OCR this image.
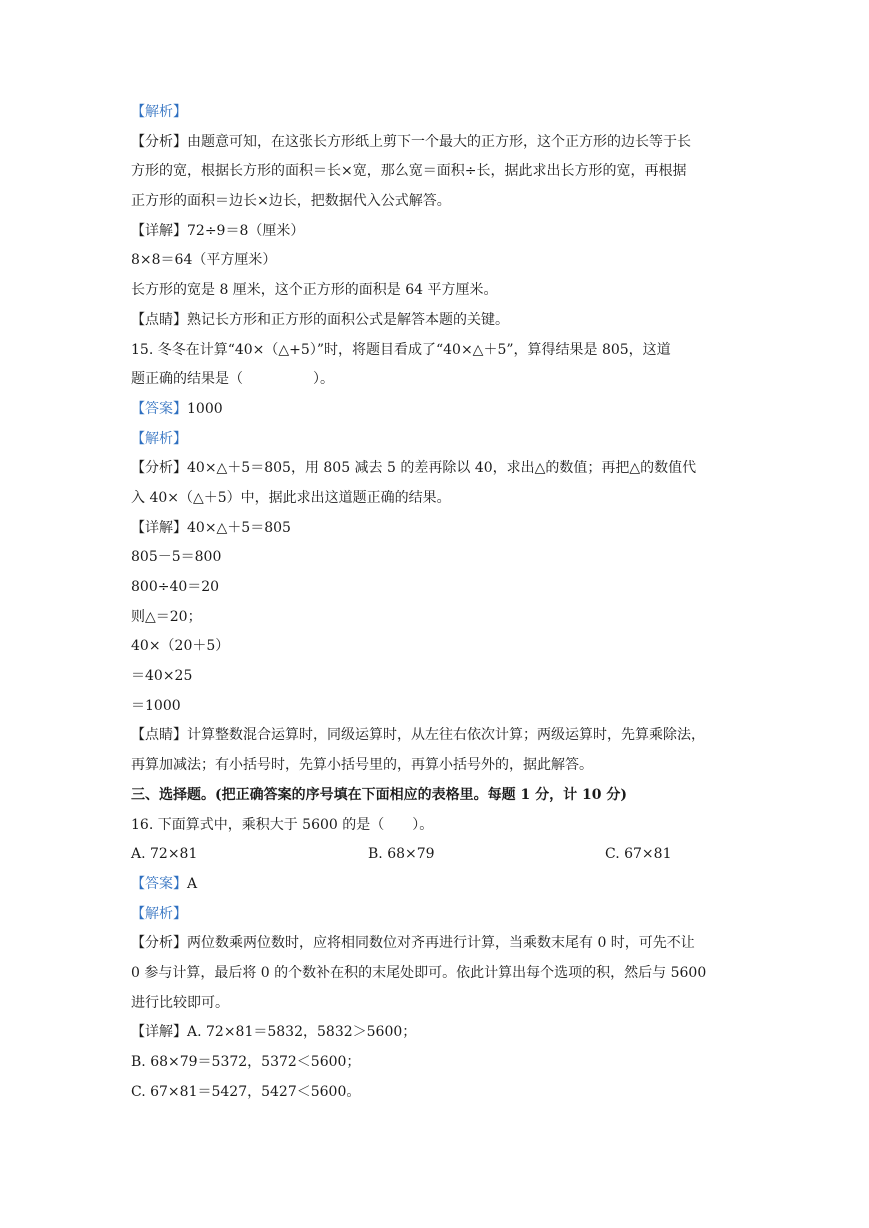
【解析】
【分析】由题意可知，在这张长方形纸上剪下一个最大的正方形，这个正方形的边长等于长
方形的宽，根据长方形的面积＝长×宽，那么宽＝面积÷长，据此求出长方形的宽，再根据
正方形的面积＝边长×边长，把数据代入公式解答。
【详解】72÷9＝8（厘米）
8×8＝64（平方厘米）
长方形的宽是 8 厘米，这个正方形的面积是 64 平方厘米。
【点睛】熟记长方形和正方形的面积公式是解答本题的关键。
15. 冬冬在计算“40×（△+5）”时，将题目看成了“40×△＋5”，算得结果是 805，这道
题正确的结果是（　　　　　）。
【答案】1000
【解析】
【分析】40×△＋5＝805，用 805 减去 5 的差再除以 40，求出△的数值；再把△的数值代
入 40×（△＋5）中，据此求出这道题正确的结果。
【详解】40×△＋5＝805
805－5＝800
800÷40＝20
则△＝20；
40×（20＋5）
＝40×25
＝1000
【点睛】计算整数混合运算时，同级运算时，从左往右依次计算；两级运算时，先算乘除法，
再算加减法；有小括号时，先算小括号里的，再算小括号外的，据此解答。
三、选择题。(把正确答案的序号填在下面相应的表格里。每题 1 分，计 10 分)
16. 下面算式中，乘积大于 5600 的是（　　）。
A. 72×81	B. 68×79	C. 67×81
【答案】A
【解析】
【分析】两位数乘两位数时，应将相同数位对齐再进行计算，当乘数末尾有 0 时，可先不让
0 参与计算，最后将 0 的个数补在积的末尾处即可。依此计算出每个选项的积，然后与 5600
进行比较即可。
【详解】A. 72×81＝5832，5832＞5600；
B. 68×79＝5372，5372＜5600；
C. 67×81＝5427，5427＜5600。
